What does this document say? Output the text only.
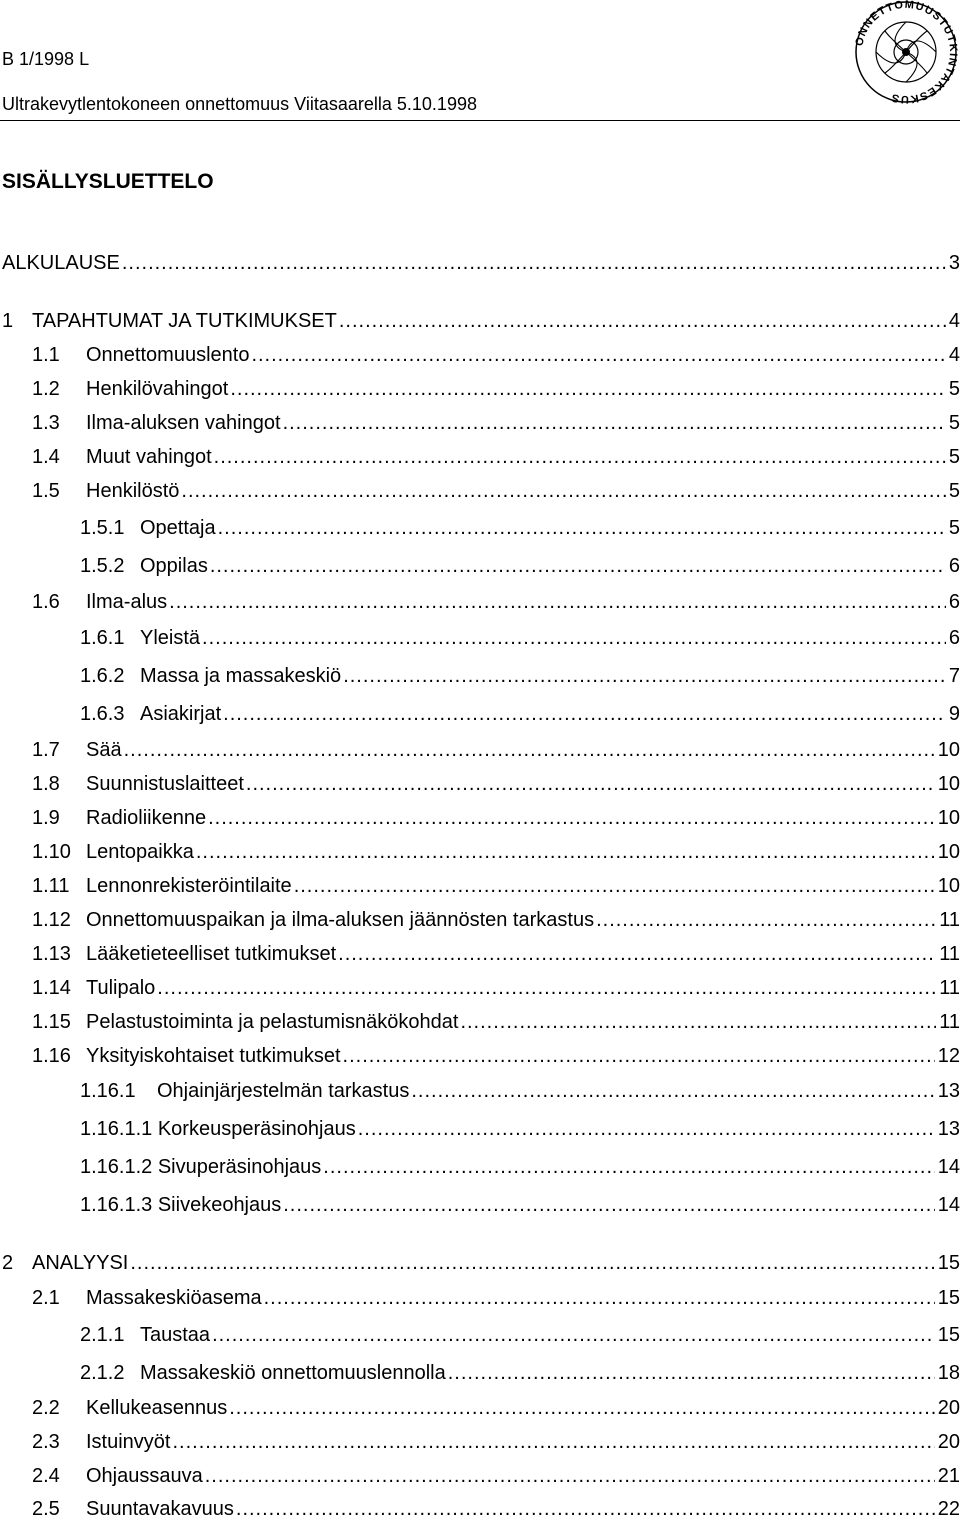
B 1/1998 L
Ultrakevytlentokoneen onnettomuus Viitasaarella 5.10.1998
ONNETTOMUUSTUTKINTAKESKUS
SISÄLLYSLUETTELO
ALKULAUSE .....	3
1 TAPAHTUMAT JA TUTKIMUKSET .....	4
1.1 Onnettomuuslento .....	4
1.2 Henkilövahingot .....	5
1.3 Ilma-aluksen vahingot .....	5
1.4 Muut vahingot .....	5
1.5 Henkilöstö .....	5
1.5.1 Opettaja .....	5
1.5.2 Oppilas .....	6
1.6 Ilma-alus .....	6
1.6.1 Yleistä .....	6
1.6.2 Massa ja massakeskiö .....	7
1.6.3 Asiakirjat .....	9
1.7 Sää .....	10
1.8 Suunnistuslaitteet .....	10
1.9 Radioliikenne .....	10
1.10 Lentopaikka .....	10
1.11 Lennonrekisteröintilaite .....	10
1.12 Onnettomuuspaikan ja ilma-aluksen jäännösten tarkastus .....	11
1.13 Lääketieteelliset tutkimukset .....	11
1.14 Tulipalo .....	11
1.15 Pelastustoiminta ja pelastumisnäkökohdat .....	11
1.16 Yksityiskohtaiset tutkimukset .....	12
1.16.1 Ohjainjärjestelmän tarkastus .....	13
1.16.1.1 Korkeusperäsinohjaus .....	13
1.16.1.2 Sivuperäsinohjaus .....	14
1.16.1.3 Siivekeohjaus .....	14
2 ANALYYSI .....	15
2.1 Massakeskiöasema .....	15
2.1.1 Taustaa .....	15
2.1.2 Massakeskiö onnettomuuslennolla .....	18
2.2 Kellukeasennus .....	20
2.3 Istuinvyöt .....	20
2.4 Ohjaussauva .....	21
2.5 Suuntavakavuus .....	22
